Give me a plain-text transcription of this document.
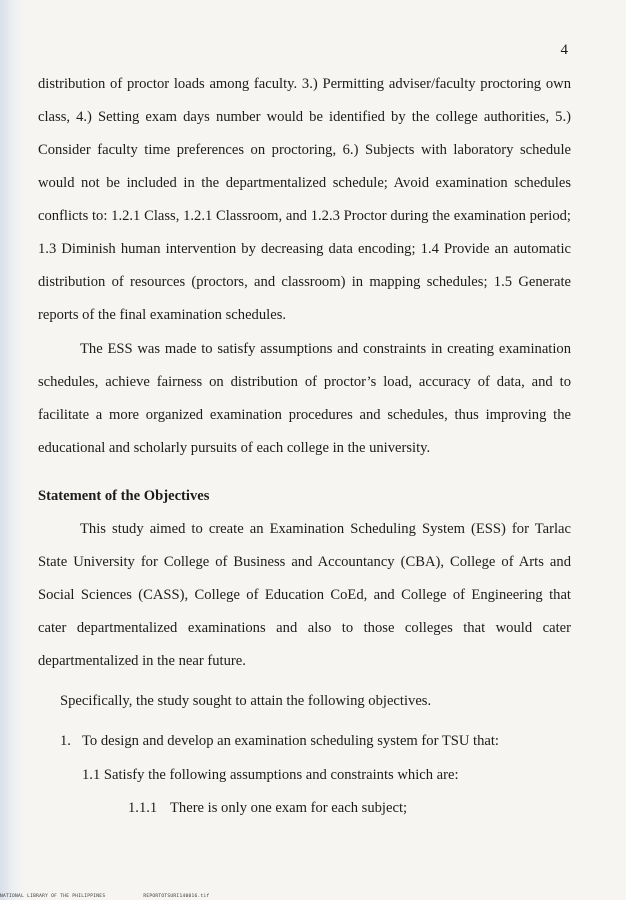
4

distribution of proctor loads among faculty. 3.) Permitting adviser/faculty proctoring own class, 4.) Setting exam days number would be identified by the college authorities, 5.) Consider faculty time preferences on proctoring, 6.) Subjects with laboratory schedule would not be included in the departmentalized schedule; Avoid examination schedules conflicts to: 1.2.1 Class, 1.2.1 Classroom, and 1.2.3 Proctor during the examination period; 1.3 Diminish human intervention by decreasing data encoding; 1.4 Provide an automatic distribution of resources (proctors, and classroom) in mapping schedules; 1.5 Generate reports of the final examination schedules.

The ESS was made to satisfy assumptions and constraints in creating examination schedules, achieve fairness on distribution of proctor’s load, accuracy of data, and to facilitate a more organized examination procedures and schedules, thus improving the educational and scholarly pursuits of each college in the university.

Statement of the Objectives

This study aimed to create an Examination Scheduling System (ESS) for Tarlac State University for College of Business and Accountancy (CBA), College of Arts and Social Sciences (CASS), College of Education CoEd, and College of Engineering that cater departmentalized examinations and also to those colleges that would cater departmentalized in the near future.

Specifically, the study sought to attain the following objectives.

1. To design and develop an examination scheduling system for TSU that:

1.1 Satisfy the following assumptions and constraints which are:

1.1.1 There is only one exam for each subject;

NATIONAL LIBRARY OF THE PHILIPPINES	REPORTOTSURI140016.tif
